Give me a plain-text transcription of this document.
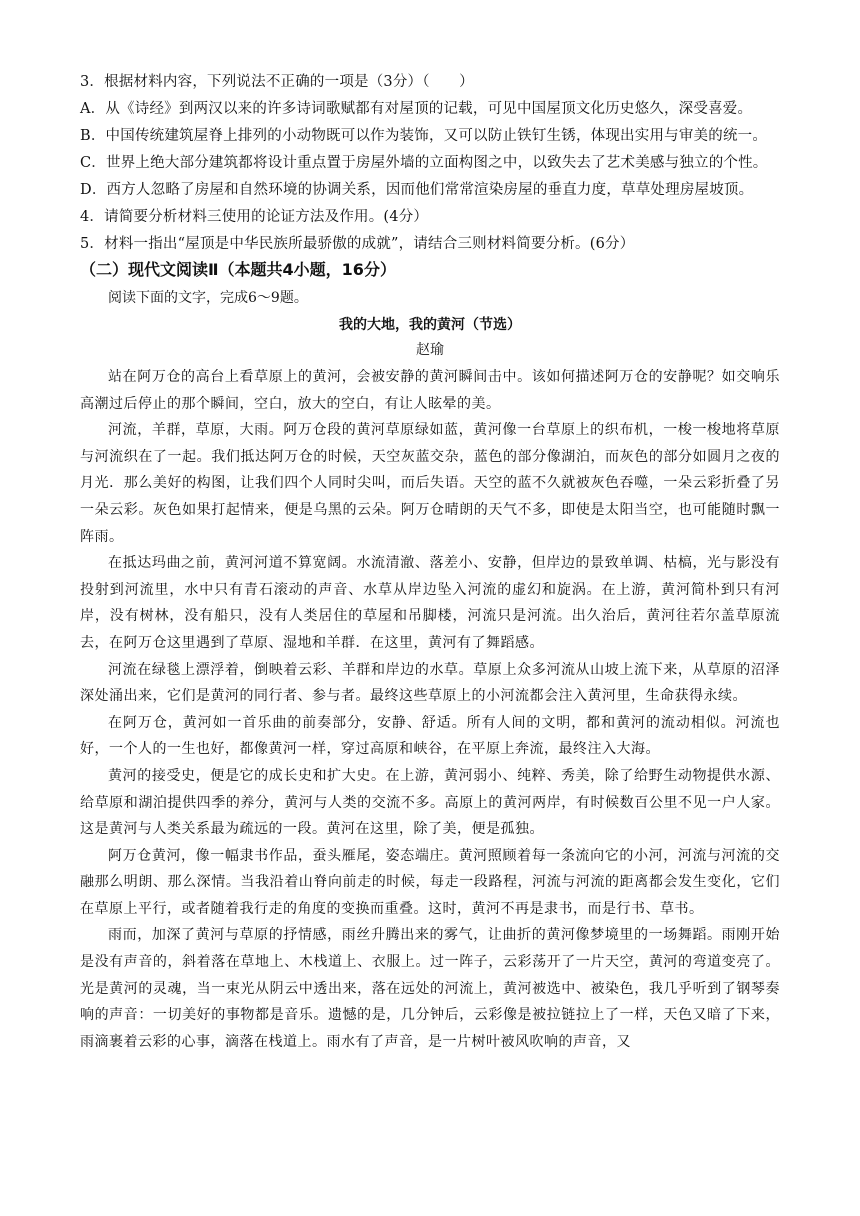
3．根据材料内容，下列说法不正确的一项是（3分）（　　）
A．从《诗经》到两汉以来的许多诗词歌赋都有对屋顶的记载，可见中国屋顶文化历史悠久，深受喜爱。
B．中国传统建筑屋脊上排列的小动物既可以作为装饰，又可以防止铁钉生锈，体现出实用与审美的统一。
C．世界上绝大部分建筑都将设计重点置于房屋外墙的立面构图之中，以致失去了艺术美感与独立的个性。
D．西方人忽略了房屋和自然环境的协调关系，因而他们常常渲染房屋的垂直力度，草草处理房屋坡顶。
4．请简要分析材料三使用的论证方法及作用。(4分）
5．材料一指出“屋顶是中华民族所最骄傲的成就”，请结合三则材料简要分析。(6分）
（二）现代文阅读Ⅱ（本题共4小题，16分）
阅读下面的文字，完成6～9题。
我的大地，我的黄河（节选）
赵瑜

站在阿万仓的高台上看草原上的黄河，会被安静的黄河瞬间击中。该如何描述阿万仓的安静呢？如交响乐高潮过后停止的那个瞬间，空白，放大的空白，有让人眩晕的美。

河流，羊群，草原，大雨。阿万仓段的黄河草原绿如蓝，黄河像一台草原上的织布机，一梭一梭地将草原与河流织在了一起。我们抵达阿万仓的时候，天空灰蓝交杂，蓝色的部分像湖泊，而灰色的部分如圆月之夜的月光．那么美好的构图，让我们四个人同时尖叫，而后失语。天空的蓝不久就被灰色吞噬，一朵云彩折叠了另一朵云彩。灰色如果打起情来，便是乌黑的云朵。阿万仓晴朗的天气不多，即使是太阳当空，也可能随时飘一阵雨。

在抵达玛曲之前，黄河河道不算宽阔。水流清澈、落差小、安静，但岸边的景致单调、枯槁，光与影没有投射到河流里，水中只有青石滚动的声音、水草从岸边坠入河流的虚幻和旋涡。在上游，黄河简朴到只有河岸，没有树林，没有船只，没有人类居住的草屋和吊脚楼，河流只是河流。出久治后，黄河往若尔盖草原流去，在阿万仓这里遇到了草原、湿地和羊群．在这里，黄河有了舞蹈感。

河流在绿毯上漂浮着，倒映着云彩、羊群和岸边的水草。草原上众多河流从山坡上流下来，从草原的沼泽深处涌出来，它们是黄河的同行者、参与者。最终这些草原上的小河流都会注入黄河里，生命获得永续。

在阿万仓，黄河如一首乐曲的前奏部分，安静、舒适。所有人间的文明，都和黄河的流动相似。河流也好，一个人的一生也好，都像黄河一样，穿过高原和峡谷，在平原上奔流，最终注入大海。

黄河的接受史，便是它的成长史和扩大史。在上游，黄河弱小、纯粹、秀美，除了给野生动物提供水源、给草原和湖泊提供四季的养分，黄河与人类的交流不多。高原上的黄河两岸，有时候数百公里不见一户人家。这是黄河与人类关系最为疏远的一段。黄河在这里，除了美，便是孤独。

阿万仓黄河，像一幅隶书作品，蚕头雁尾，姿态端庄。黄河照顾着每一条流向它的小河，河流与河流的交融那么明朗、那么深情。当我沿着山脊向前走的时候，每走一段路程，河流与河流的距离都会发生变化，它们在草原上平行，或者随着我行走的角度的变换而重叠。这时，黄河不再是隶书，而是行书、草书。

雨而，加深了黄河与草原的抒情感，雨丝升腾出来的雾气，让曲折的黄河像梦境里的一场舞蹈。雨刚开始是没有声音的，斜着落在草地上、木栈道上、衣服上。过一阵子，云彩荡开了一片天空，黄河的弯道变亮了。光是黄河的灵魂，当一束光从阴云中透出来，落在远处的河流上，黄河被选中、被染色，我几乎听到了钢琴奏响的声音：一切美好的事物都是音乐。遗憾的是，几分钟后，云彩像是被拉链拉上了一样，天色又暗了下来，雨滴裹着云彩的心事，滴落在栈道上。雨水有了声音，是一片树叶被风吹响的声音，又
